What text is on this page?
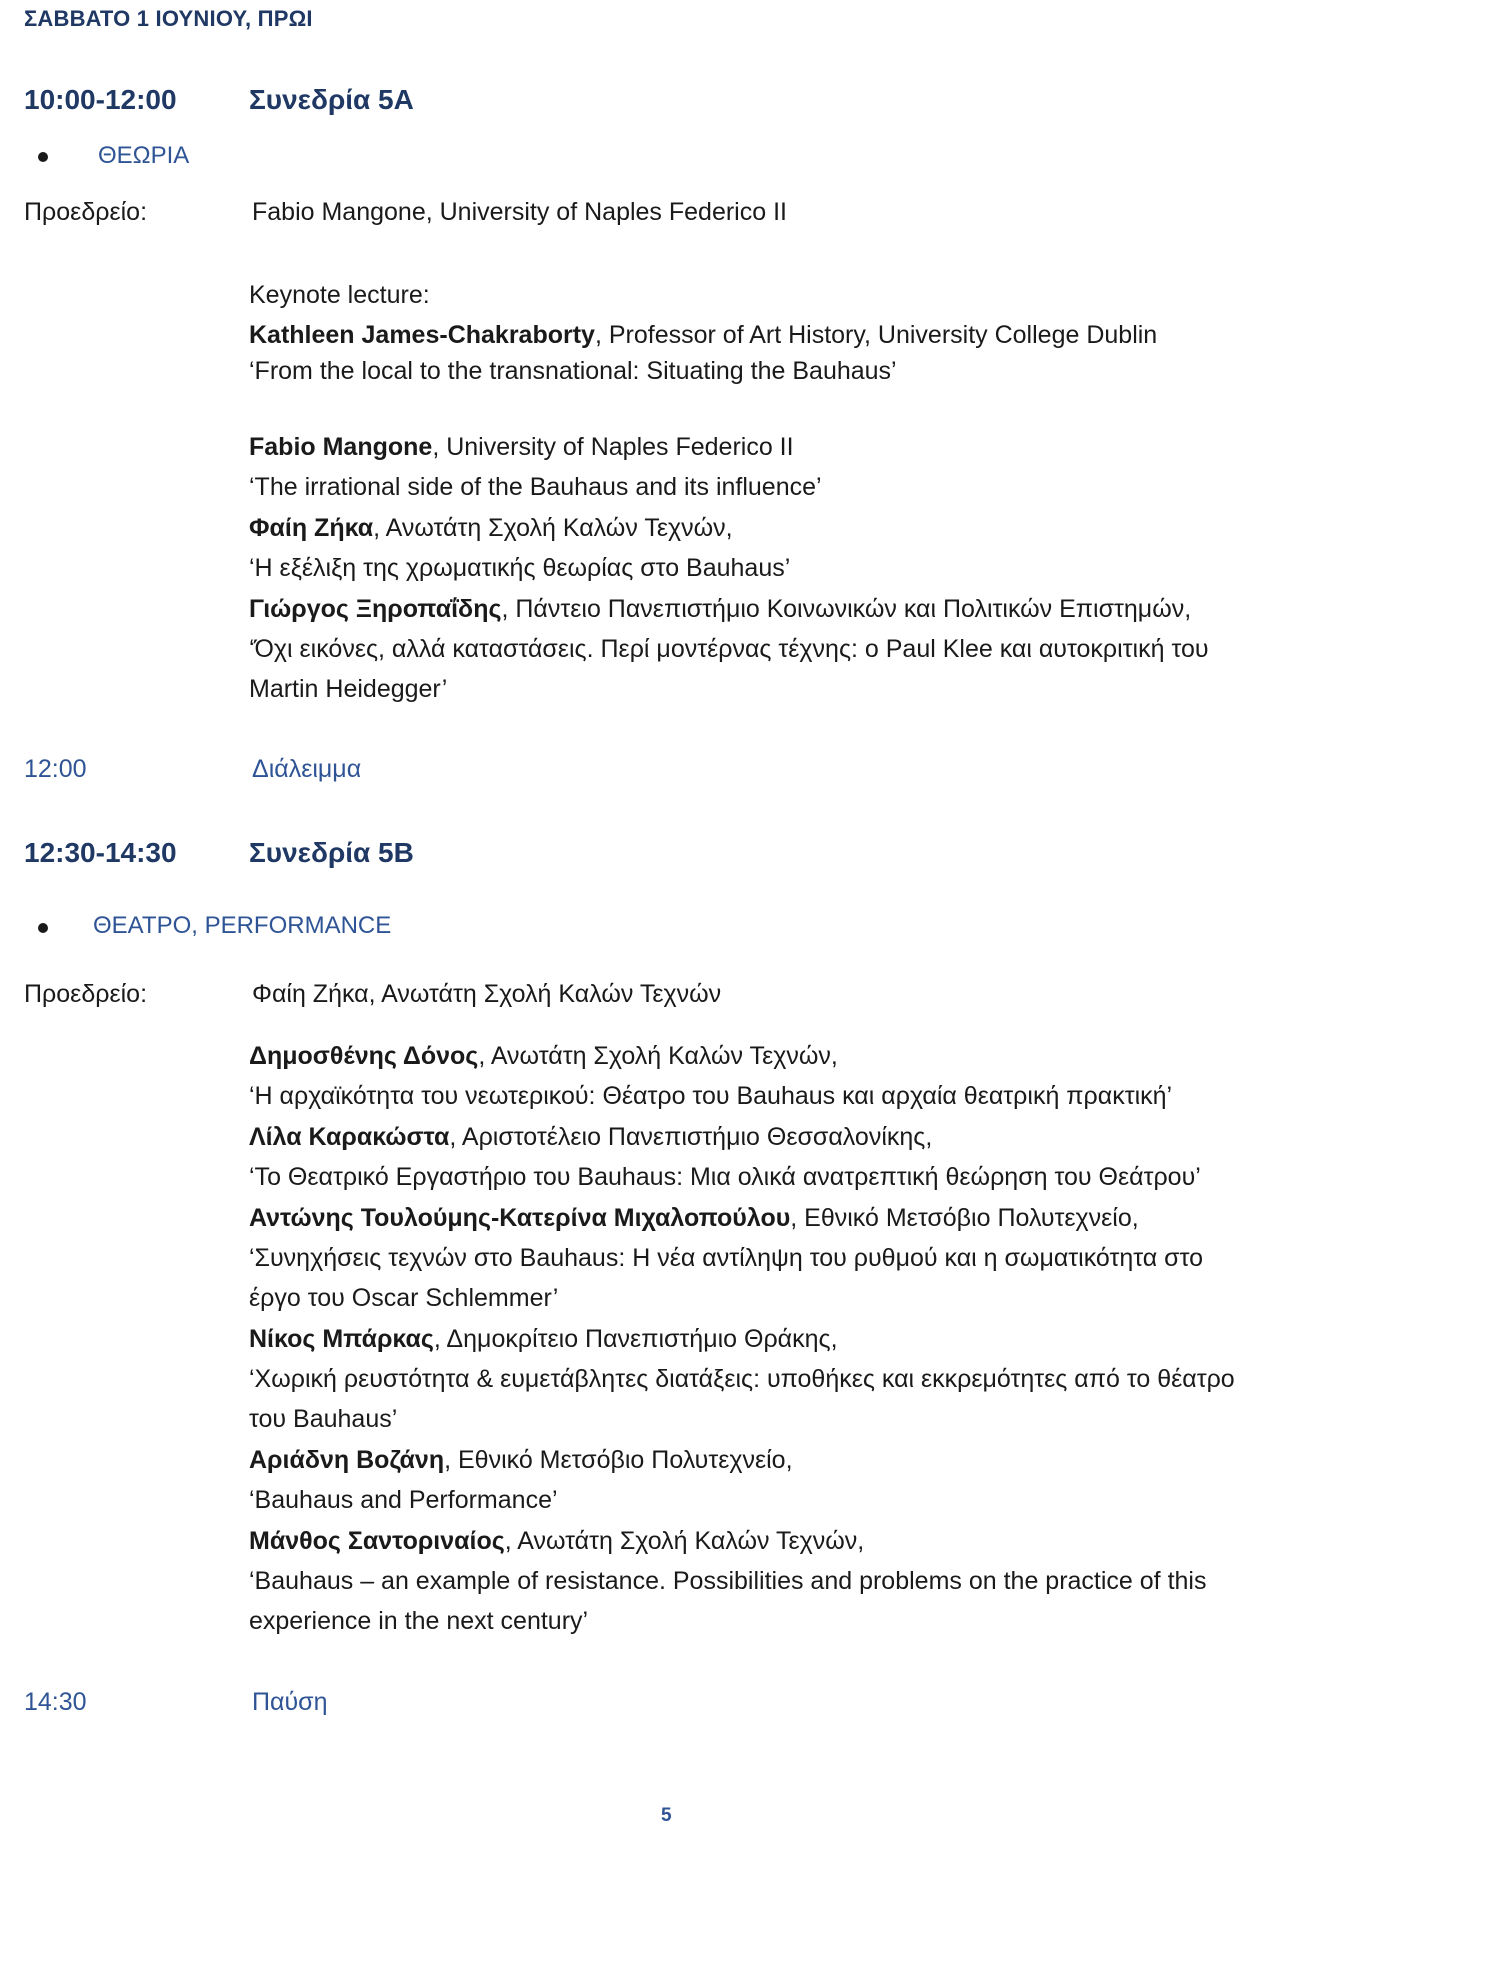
ΣΑΒΒΑΤΟ 1 ΙΟΥΝΙΟΥ, ΠΡΩΙ
10:00-12:00	Συνεδρία 5Α
ΘΕΩΡΙΑ
Προεδρείο:	Fabio Mangone, University of Naples Federico II
Keynote lecture:
Kathleen James-Chakraborty, Professor of Art History, University College Dublin
‘From the local to the transnational: Situating the Bauhaus’
Fabio Mangone, University of Naples Federico II
‘The irrational side of the Bauhaus and its influence’
Φαίη Ζήκα, Ανωτάτη Σχολή Καλών Τεχνών,
‘Η εξέλιξη της χρωματικής θεωρίας στο Bauhaus’
Γιώργος Ξηροπαΐδης, Πάντειο Πανεπιστήμιο Κοινωνικών και Πολιτικών Επιστημών,
‘Όχι εικόνες, αλλά καταστάσεις. Περί μοντέρνας τέχνης: ο Paul Klee και αυτοκριτική του
Martin Heidegger’
12:00	Διάλειμμα
12:30-14:30	Συνεδρία 5Β
ΘΕΑΤΡΟ, PERFORMANCE
Προεδρείο:	Φαίη Ζήκα, Ανωτάτη Σχολή Καλών Τεχνών
Δημοσθένης Δόνος, Ανωτάτη Σχολή Καλών Τεχνών,
‘Η αρχαϊκότητα του νεωτερικού: Θέατρο του Bauhaus και αρχαία θεατρική πρακτική’
Λίλα Καρακώστα, Αριστοτέλειο Πανεπιστήμιο Θεσσαλονίκης,
‘Το Θεατρικό Εργαστήριο του Bauhaus: Μια ολικά ανατρεπτική θεώρηση του Θεάτρου’
Αντώνης Τουλούμης-Κατερίνα Μιχαλοπούλου, Εθνικό Μετσόβιο Πολυτεχνείο,
‘Συνηχήσεις τεχνών στο Bauhaus: Η νέα αντίληψη του ρυθμού και η σωματικότητα στο
έργο του Oscar Schlemmer’
Νίκος Μπάρκας, Δημοκρίτειο Πανεπιστήμιο Θράκης,
‘Χωρική ρευστότητα & ευμετάβλητες διατάξεις: υποθήκες και εκκρεμότητες από το θέατρο
του Bauhaus’
Αριάδνη Βοζάνη, Εθνικό Μετσόβιο Πολυτεχνείο,
‘Bauhaus and Performance’
Μάνθος Σαντοριναίος, Ανωτάτη Σχολή Καλών Τεχνών,
‘Bauhaus – an example of resistance. Possibilities and problems on the practice of this
experience in the next century’
14:30	Παύση
5
